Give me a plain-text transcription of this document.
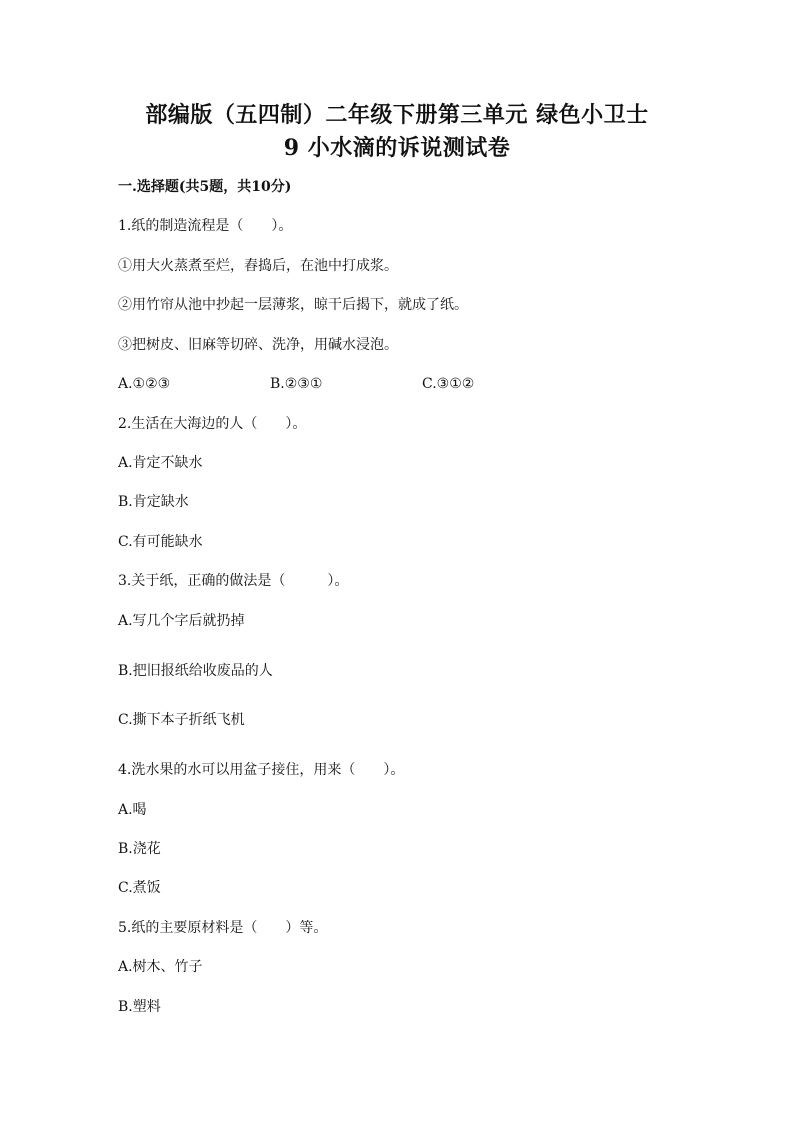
部编版（五四制）二年级下册第三单元 绿色小卫士
9 小水滴的诉说测试卷
一.选择题(共5题，共10分)
1.纸的制造流程是（　　）。
①用大火蒸煮至烂，舂捣后，在池中打成浆。
②用竹帘从池中抄起一层薄浆，晾干后揭下，就成了纸。
③把树皮、旧麻等切碎、洗净，用碱水浸泡。
A.①②③	B.②③①	C.③①②
2.生活在大海边的人（　　）。
A.肯定不缺水
B.肯定缺水
C.有可能缺水
3.关于纸，正确的做法是（　　　）。
A.写几个字后就扔掉
B.把旧报纸给收废品的人
C.撕下本子折纸飞机
4.洗水果的水可以用盆子接住，用来（　　）。
A.喝
B.浇花
C.煮饭
5.纸的主要原材料是（　　）等。
A.树木、竹子
B.塑料
